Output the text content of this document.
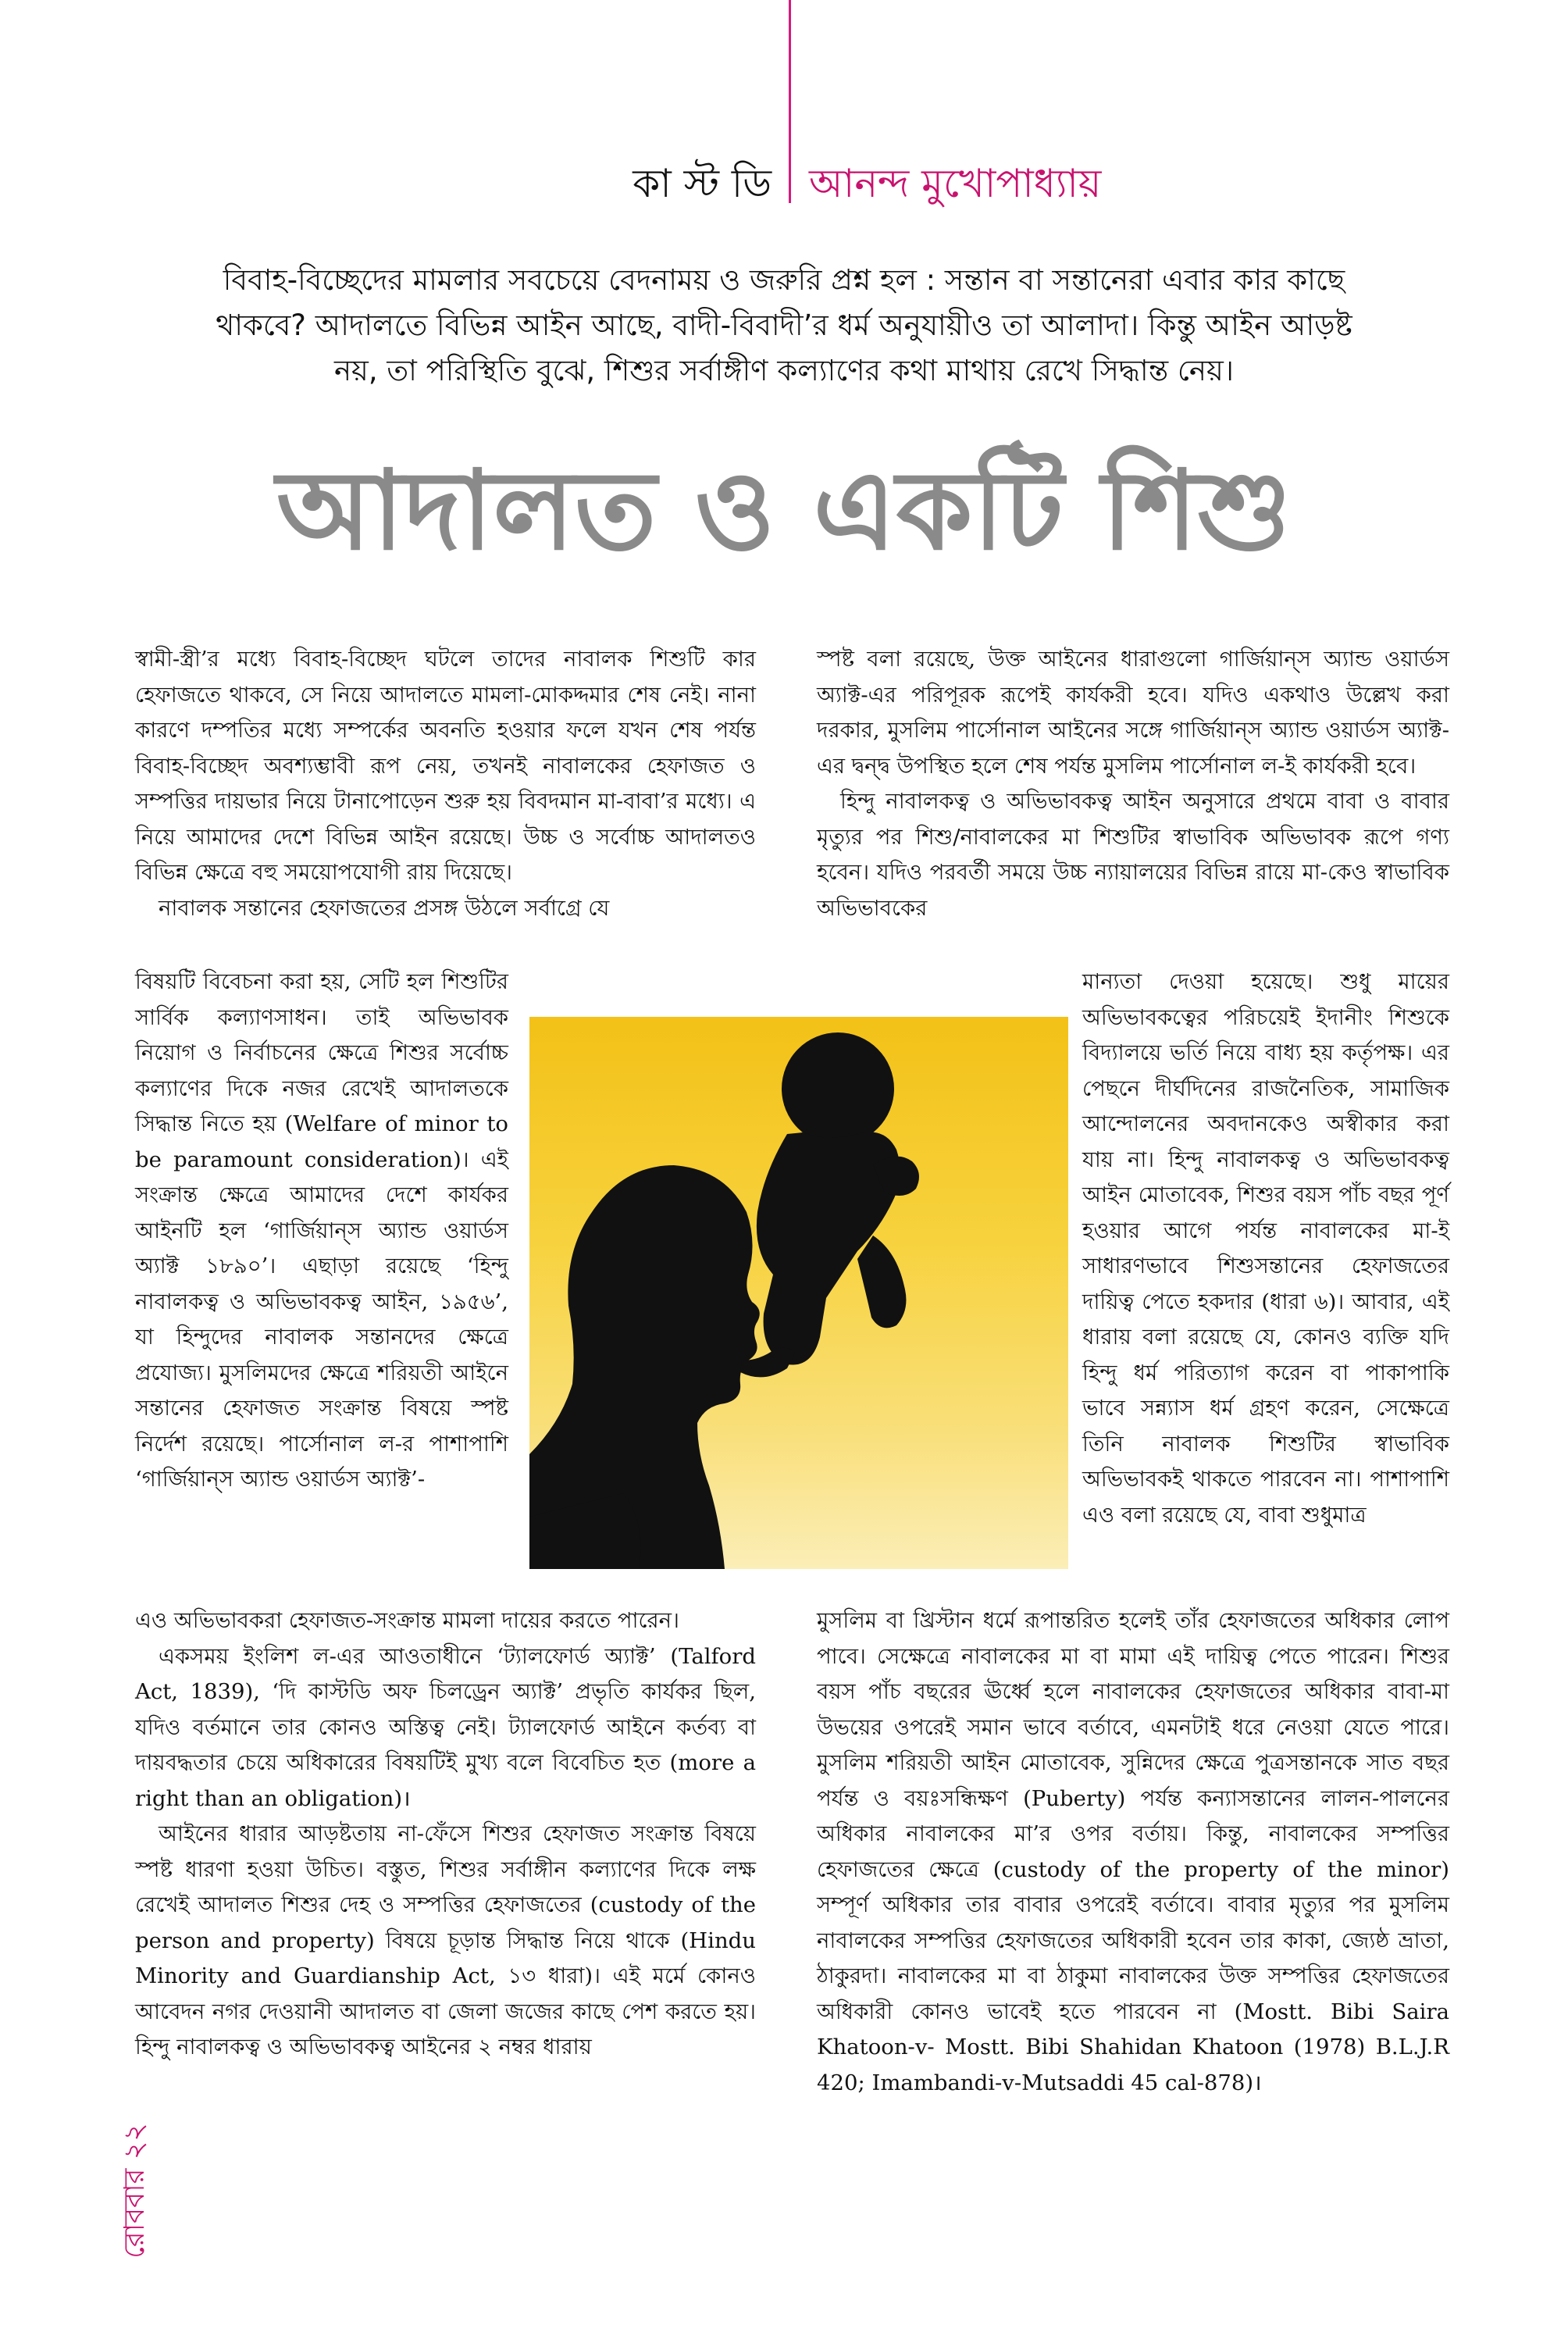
কা স্ট ডি আনন্দ মুখোপাধ্যায়

বিবাহ-বিচ্ছেদের মামলার সবচেয়ে বেদনাময় ও জরুরি প্রশ্ন হল : সন্তান বা সন্তানেরা এবার কার কাছে
থাকবে? আদালতে বিভিন্ন আইন আছে, বাদী-বিবাদী’র ধর্ম অনুযায়ীও তা আলাদা। কিন্তু আইন আড়ষ্ট
নয়, তা পরিস্থিতি বুঝে, শিশুর সর্বাঙ্গীণ কল্যাণের কথা মাথায় রেখে সিদ্ধান্ত নেয়।

আদালত ও একটি শিশু

স্বামী-স্ত্রী’র মধ্যে বিবাহ-বিচ্ছেদ ঘটলে তাদের নাবালক শিশুটি কার হেফাজতে থাকবে, সে নিয়ে আদালতে মামলা-মোকদ্দমার শেষ নেই। নানা কারণে দম্পতির মধ্যে সম্পর্কের অবনতি হওয়ার ফলে যখন শেষ পর্যন্ত বিবাহ-বিচ্ছেদ অবশ্যম্ভাবী রূপ নেয়, তখনই নাবালকের হেফাজত ও সম্পত্তির দায়ভার নিয়ে টানাপোড়েন শুরু হয় বিবদমান মা-বাবা’র মধ্যে। এ নিয়ে আমাদের দেশে বিভিন্ন আইন রয়েছে। উচ্চ ও সর্বোচ্চ আদালতও বিভিন্ন ক্ষেত্রে বহু সময়োপযোগী রায় দিয়েছে।

নাবালক সন্তানের হেফাজতের প্রসঙ্গ উঠলে সর্বাগ্রে যে

বিষয়টি বিবেচনা করা হয়, সেটি হল শিশুটির সার্বিক কল্যাণসাধন। তাই অভিভাবক নিয়োগ ও নির্বাচনের ক্ষেত্রে শিশুর সর্বোচ্চ কল্যাণের দিকে নজর রেখেই আদালতকে সিদ্ধান্ত নিতে হয় (Welfare of minor to be paramount consideration)। এই সংক্রান্ত ক্ষেত্রে আমাদের দেশে কার্যকর আইনটি হল ‘গার্জিয়ান্‌স অ্যান্ড ওয়ার্ডস অ্যাক্ট ১৮৯০’। এছাড়া রয়েছে ‘হিন্দু নাবালকত্ব ও অভিভাবকত্ব আইন, ১৯৫৬’, যা হিন্দুদের নাবালক সন্তানদের ক্ষেত্রে প্রযোজ্য। মুসলিমদের ক্ষেত্রে শরিয়তী আইনে সন্তানের হেফাজত সংক্রান্ত বিষয়ে স্পষ্ট নির্দেশ রয়েছে। পার্সোনাল ল-র পাশাপাশি ‘গার্জিয়ান্‌স অ্যান্ড ওয়ার্ডস অ্যাক্ট’-

এও অভিভাবকরা হেফাজত-সংক্রান্ত মামলা দায়ের করতে পারেন।

একসময় ইংলিশ ল-এর আওতাধীনে ‘ট্যালফোর্ড অ্যাক্ট’ (Talford Act, 1839), ‘দি কাস্টডি অফ চিলড্রেন অ্যাক্ট’ প্রভৃতি কার্যকর ছিল, যদিও বর্তমানে তার কোনও অস্তিত্ব নেই। ট্যালফোর্ড আইনে কর্তব্য বা দায়বদ্ধতার চেয়ে অধিকারের বিষয়টিই মুখ্য বলে বিবেচিত হত (more a right than an obligation)।

আইনের ধারার আড়ষ্টতায় না-ফেঁসে শিশুর হেফাজত সংক্রান্ত বিষয়ে স্পষ্ট ধারণা হওয়া উচিত। বস্তুত, শিশুর সর্বাঙ্গীন কল্যাণের দিকে লক্ষ রেখেই আদালত শিশুর দেহ ও সম্পত্তির হেফাজতের (custody of the person and property) বিষয়ে চূড়ান্ত সিদ্ধান্ত নিয়ে থাকে (Hindu Minority and Guardianship Act, ১৩ ধারা)। এই মর্মে কোনও আবেদন নগর দেওয়ানী আদালত বা জেলা জজের কাছে পেশ করতে হয়। হিন্দু নাবালকত্ব ও অভিভাবকত্ব আইনের ২ নম্বর ধারায়

স্পষ্ট বলা রয়েছে, উক্ত আইনের ধারাগুলো গার্জিয়ান্‌স অ্যান্ড ওয়ার্ডস অ্যাক্ট-এর পরিপূরক রূপেই কার্যকরী হবে। যদিও একথাও উল্লেখ করা দরকার, মুসলিম পার্সোনাল আইনের সঙ্গে গার্জিয়ান্‌স অ্যান্ড ওয়ার্ডস অ্যাক্ট-এর দ্বন্দ্ব উপস্থিত হলে শেষ পর্যন্ত মুসলিম পার্সোনাল ল-ই কার্যকরী হবে।

হিন্দু নাবালকত্ব ও অভিভাবকত্ব আইন অনুসারে প্রথমে বাবা ও বাবার মৃত্যুর পর শিশু/নাবালকের মা শিশুটির স্বাভাবিক অভিভাবক রূপে গণ্য হবেন। যদিও পরবর্তী সময়ে উচ্চ ন্যায়ালয়ের বিভিন্ন রায়ে মা-কেও স্বাভাবিক অভিভাবকের

মান্যতা দেওয়া হয়েছে। শুধু মায়ের অভিভাবকত্বের পরিচয়েই ইদানীং শিশুকে বিদ্যালয়ে ভর্তি নিয়ে বাধ্য হয় কর্তৃপক্ষ। এর পেছনে দীর্ঘদিনের রাজনৈতিক, সামাজিক আন্দোলনের অবদানকেও অস্বীকার করা যায় না। হিন্দু নাবালকত্ব ও অভিভাবকত্ব আইন মোতাবেক, শিশুর বয়স পাঁচ বছর পূর্ণ হওয়ার আগে পর্যন্ত নাবালকের মা-ই সাধারণভাবে শিশুসন্তানের হেফাজতের দায়িত্ব পেতে হকদার (ধারা ৬)। আবার, এই ধারায় বলা রয়েছে যে, কোনও ব্যক্তি যদি হিন্দু ধর্ম পরিত্যাগ করেন বা পাকাপাকি ভাবে সন্ন্যাস ধর্ম গ্রহণ করেন, সেক্ষেত্রে তিনি নাবালক শিশুটির স্বাভাবিক অভিভাবকই থাকতে পারবেন না। পাশাপাশি এও বলা রয়েছে যে, বাবা শুধুমাত্র

মুসলিম বা খ্রিস্টান ধর্মে রূপান্তরিত হলেই তাঁর হেফাজতের অধিকার লোপ পাবে। সেক্ষেত্রে নাবালকের মা বা মামা এই দায়িত্ব পেতে পারেন। শিশুর বয়স পাঁচ বছরের ঊর্ধ্বে হলে নাবালকের হেফাজতের অধিকার বাবা-মা উভয়ের ওপরেই সমান ভাবে বর্তাবে, এমনটাই ধরে নেওয়া যেতে পারে। মুসলিম শরিয়তী আইন মোতাবেক, সুন্নিদের ক্ষেত্রে পুত্রসন্তানকে সাত বছর পর্যন্ত ও বয়ঃসন্ধিক্ষণ (Puberty) পর্যন্ত কন্যাসন্তানের লালন-পালনের অধিকার নাবালকের মা’র ওপর বর্তায়। কিন্তু, নাবালকের সম্পত্তির হেফাজতের ক্ষেত্রে (custody of the property of the minor) সম্পূর্ণ অধিকার তার বাবার ওপরেই বর্তাবে। বাবার মৃত্যুর পর মুসলিম নাবালকের সম্পত্তির হেফাজতের অধিকারী হবেন তার কাকা, জ্যেষ্ঠ ভ্রাতা, ঠাকুরদা। নাবালকের মা বা ঠাকুমা নাবালকের উক্ত সম্পত্তির হেফাজতের অধিকারী কোনও ভাবেই হতে পারবেন না (Mostt. Bibi Saira Khatoon-v- Mostt. Bibi Shahidan Khatoon (1978) B.L.J.R 420; Imambandi-v-Mutsaddi 45 cal-878)।

রোববার ২২
